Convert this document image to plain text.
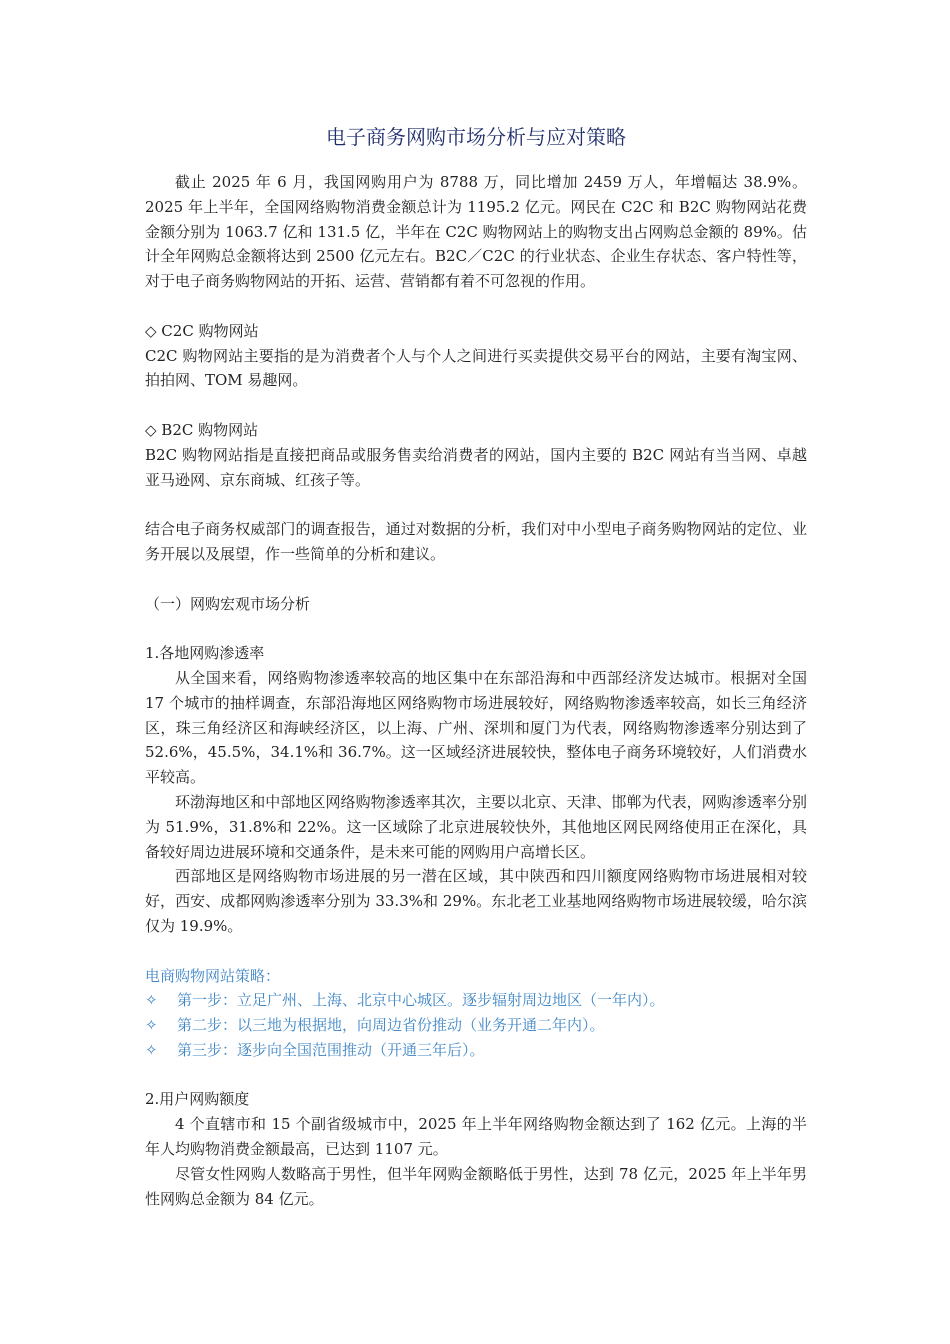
电子商务网购市场分析与应对策略

截止 2025 年 6 月，我国网购用户为 8788 万，同比增加 2459 万人，年增幅达 38.9%。2025 年上半年，全国网络购物消费金额总计为 1195.2 亿元。网民在 C2C 和 B2C 购物网站花费金额分别为 1063.7 亿和 131.5 亿，半年在 C2C 购物网站上的购物支出占网购总金额的 89%。估计全年网购总金额将达到 2500 亿元左右。B2C／C2C 的行业状态、企业生存状态、客户特性等，对于电子商务购物网站的开拓、运营、营销都有着不可忽视的作用。

◇ C2C 购物网站

C2C 购物网站主要指的是为消费者个人与个人之间进行买卖提供交易平台的网站，主要有淘宝网、拍拍网、TOM 易趣网。

◇ B2C 购物网站

B2C 购物网站指是直接把商品或服务售卖给消费者的网站，国内主要的 B2C 网站有当当网、卓越亚马逊网、京东商城、红孩子等。

结合电子商务权威部门的调查报告，通过对数据的分析，我们对中小型电子商务购物网站的定位、业务开展以及展望，作一些简单的分析和建议。

（一）网购宏观市场分析

1.各地网购渗透率

从全国来看，网络购物渗透率较高的地区集中在东部沿海和中西部经济发达城市。根据对全国 17 个城市的抽样调查，东部沿海地区网络购物市场进展较好，网络购物渗透率较高，如长三角经济区，珠三角经济区和海峡经济区，以上海、广州、深圳和厦门为代表，网络购物渗透率分别达到了 52.6%，45.5%，34.1%和 36.7%。这一区域经济进展较快，整体电子商务环境较好，人们消费水平较高。

环渤海地区和中部地区网络购物渗透率其次，主要以北京、天津、邯郸为代表，网购渗透率分别为 51.9%，31.8%和 22%。这一区域除了北京进展较快外，其他地区网民网络使用正在深化，具备较好周边进展环境和交通条件，是未来可能的网购用户高增长区。

西部地区是网络购物市场进展的另一潜在区域，其中陕西和四川额度网络购物市场进展相对较好，西安、成都网购渗透率分别为 33.3%和 29%。东北老工业基地网络购物市场进展较缓，哈尔滨仅为 19.9%。

电商购物网站策略：

✧	第一步：立足广州、上海、北京中心城区。逐步辐射周边地区（一年内）。
✧	第二步：以三地为根据地，向周边省份推动（业务开通二年内）。
✧	第三步：逐步向全国范围推动（开通三年后）。

2.用户网购额度

4 个直辖市和 15 个副省级城市中，2025 年上半年网络购物金额达到了 162 亿元。上海的半年人均购物消费金额最高，已达到 1107 元。

尽管女性网购人数略高于男性，但半年网购金额略低于男性，达到 78 亿元，2025 年上半年男性网购总金额为 84 亿元。
